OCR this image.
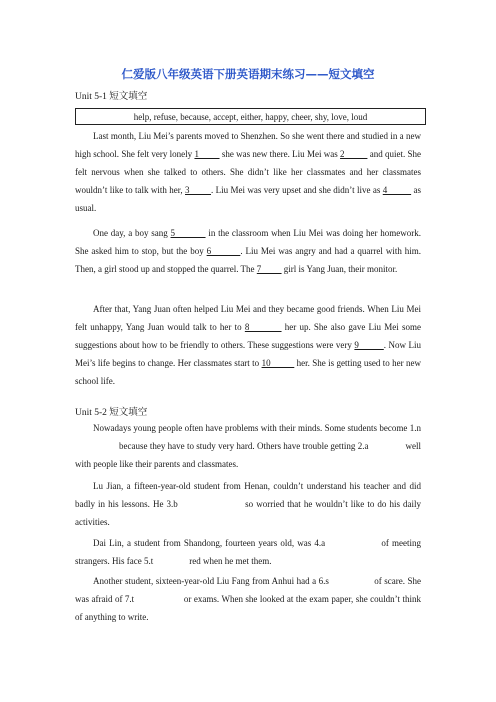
仁爱版八年级英语下册英语期末练习——短文填空
Unit 5-1 短文填空
help, refuse, because, accept, either, happy, cheer, shy, love, loud

Last month, Liu Mei’s parents moved to Shenzhen. So she went there and studied in a new high school. She felt very lonely 1          she was new there. Liu Mei was 2           and quiet. She felt nervous when she talked to others. She didn’t like her classmates and her classmates wouldn’t like to talk with her, 3         . Liu Mei was very upset and she didn’t live as 4           as usual.

One day, a boy sang 5            in the classroom when Liu Mei was doing her homework. She asked him to stop, but the boy 6          . Liu Mei was angry and had a quarrel with him. Then, a girl stood up and stopped the quarrel. The 7          girl is Yang Juan, their monitor.

After that, Yang Juan often helped Liu Mei and they became good friends. When Liu Mei felt unhappy, Yang Juan would talk to her to 8           her up. She also gave Liu Mei some suggestions about how to be friendly to others. These suggestions were very 9          . Now Liu Mei’s life begins to change. Her classmates start to 10           her. She is getting used to her new school life.

Unit 5-2 短文填空

Nowadays young people often have problems with their minds. Some students become 1.n                   because they have to study very hard. Others have trouble getting 2.a	well with people like their parents and classmates.

Lu Jian, a fifteen-year-old student from Henan, couldn’t understand his teacher and did badly in his lessons. He 3.b	so worried that he wouldn’t like to do his daily activities.

Dai Lin, a student from Shandong, fourteen years old, was 4.a	of meeting strangers. His face 5.t	red when he met them.

Another student, sixteen-year-old Liu Fang from Anhui had a 6.s	of scare. She was afraid of 7.t	or exams. When she looked at the exam paper, she couldn’t think of anything to write.
